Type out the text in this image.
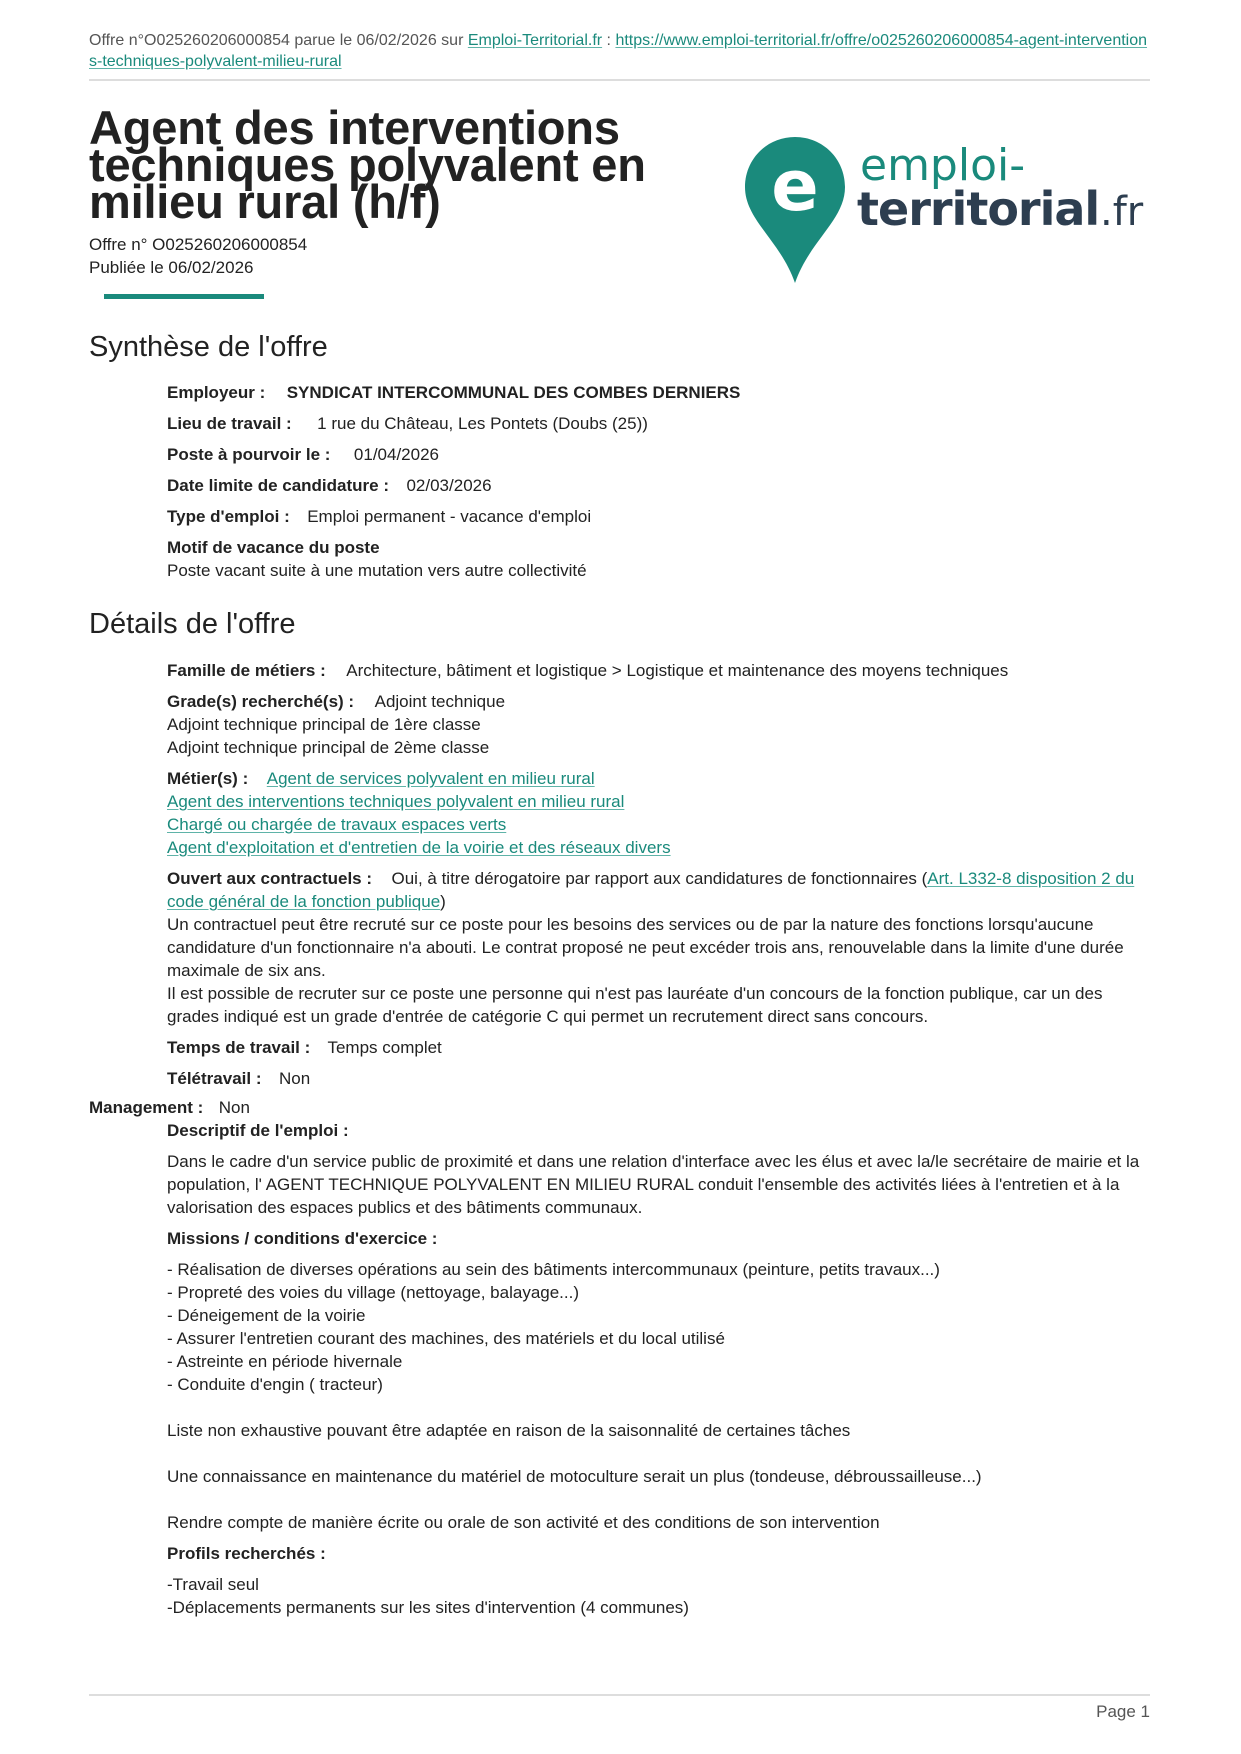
Offre n°O025260206000854 parue le 06/02/2026 sur Emploi-Territorial.fr : https://www.emploi-territorial.fr/offre/o025260206000854-agent-interventions-techniques-polyvalent-milieu-rural
Agent des interventions techniques polyvalent en milieu rural (h/f)
Offre n° O025260206000854
Publiée le 06/02/2026
e emploi-
territorial .fr
Synthèse de l'offre
Employeur : SYNDICAT INTERCOMMUNAL DES COMBES DERNIERS
Lieu de travail : 1 rue du Château, Les Pontets (Doubs (25))
Poste à pourvoir le : 01/04/2026
Date limite de candidature : 02/03/2026
Type d'emploi : Emploi permanent - vacance d'emploi
Motif de vacance du poste
Poste vacant suite à une mutation vers autre collectivité
Détails de l'offre
Famille de métiers : Architecture, bâtiment et logistique > Logistique et maintenance des moyens techniques
Grade(s) recherché(s) : Adjoint technique
Adjoint technique principal de 1ère classe
Adjoint technique principal de 2ème classe
Métier(s) : Agent de services polyvalent en milieu rural
Agent des interventions techniques polyvalent en milieu rural
Chargé ou chargée de travaux espaces verts
Agent d'exploitation et d'entretien de la voirie et des réseaux divers
Ouvert aux contractuels : Oui, à titre dérogatoire par rapport aux candidatures de fonctionnaires (Art. L332-8 disposition 2 du code général de la fonction publique)
Un contractuel peut être recruté sur ce poste pour les besoins des services ou de par la nature des fonctions lorsqu'aucune candidature d'un fonctionnaire n'a abouti. Le contrat proposé ne peut excéder trois ans, renouvelable dans la limite d'une durée maximale de six ans.
Il est possible de recruter sur ce poste une personne qui n'est pas lauréate d'un concours de la fonction publique, car un des grades indiqué est un grade d'entrée de catégorie C qui permet un recrutement direct sans concours.
Temps de travail : Temps complet
Télétravail : Non
Management : Non
Descriptif de l'emploi :
Dans le cadre d'un service public de proximité et dans une relation d'interface avec les élus et avec la/le secrétaire de mairie et la population, l' AGENT TECHNIQUE POLYVALENT EN MILIEU RURAL conduit l'ensemble des activités liées à l'entretien et à la valorisation des espaces publics et des bâtiments communaux.
Missions / conditions d'exercice :
- Réalisation de diverses opérations au sein des bâtiments intercommunaux (peinture, petits travaux...)
- Propreté des voies du village (nettoyage, balayage...)
- Déneigement de la voirie
- Assurer l'entretien courant des machines, des matériels et du local utilisé
- Astreinte en période hivernale
- Conduite d'engin ( tracteur)
Liste non exhaustive pouvant être adaptée en raison de la saisonnalité de certaines tâches
Une connaissance en maintenance du matériel de motoculture serait un plus (tondeuse, débroussailleuse...)
Rendre compte de manière écrite ou orale de son activité et des conditions de son intervention
Profils recherchés :
-Travail seul
-Déplacements permanents sur les sites d'intervention (4 communes)
Page 1
